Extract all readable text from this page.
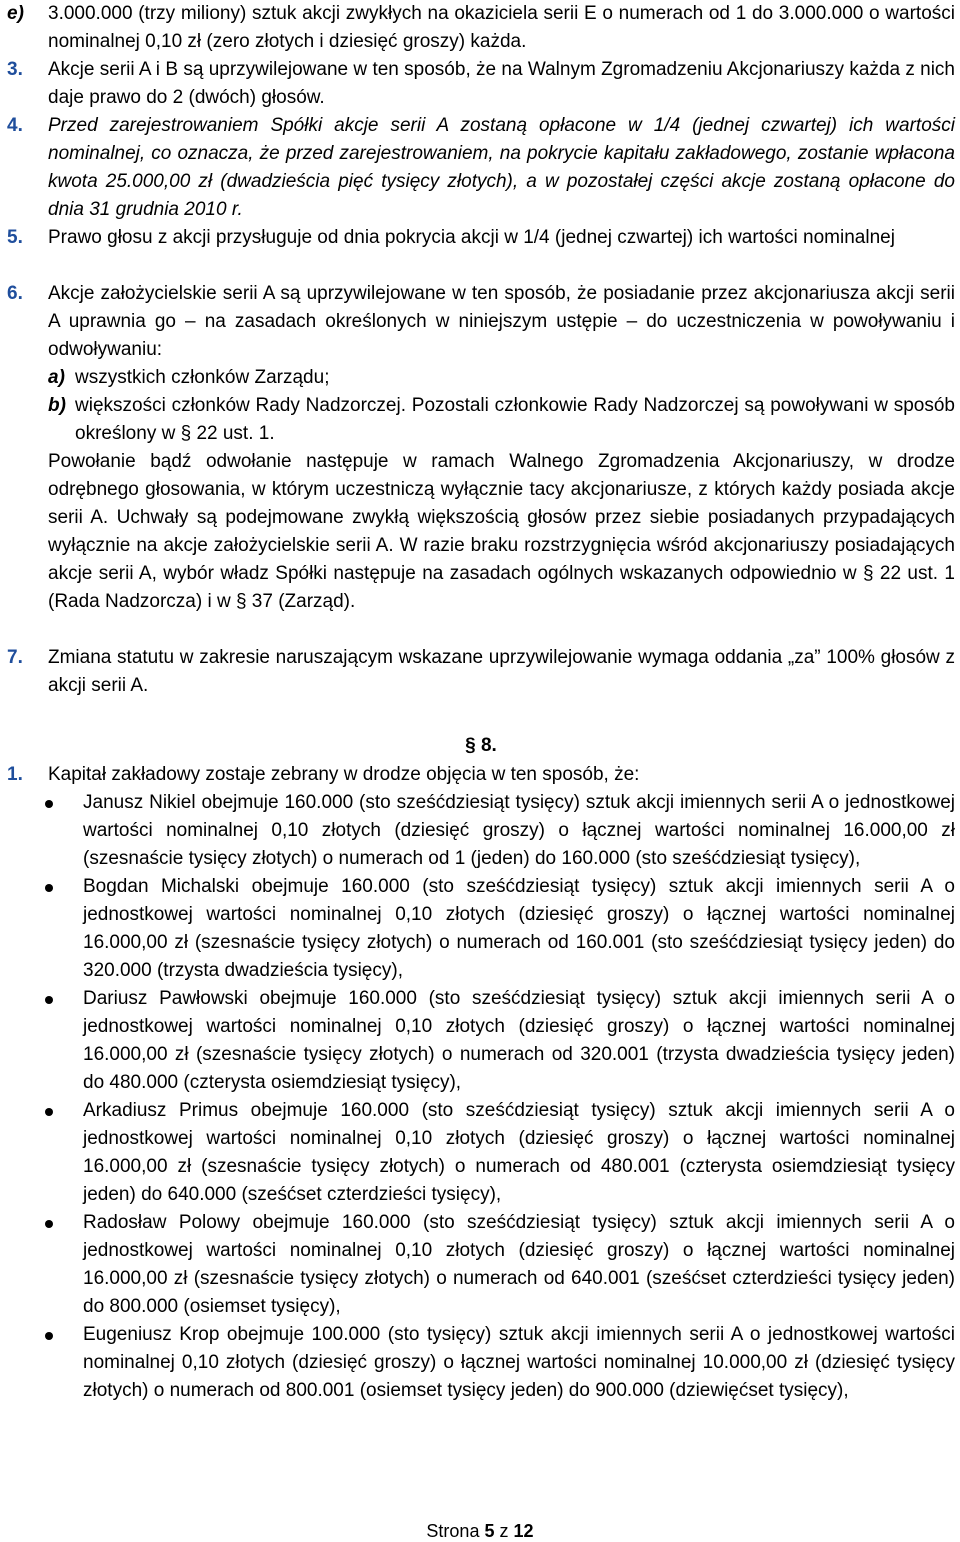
e)	3.000.000 (trzy miliony) sztuk akcji zwykłych na okaziciela serii E o numerach od 1 do 3.000.000 o wartości nominalnej 0,10 zł (zero złotych i dziesięć groszy) każda.
3.	Akcje serii A i B są uprzywilejowane w ten sposób, że na Walnym Zgromadzeniu Akcjonariuszy każda z nich daje prawo do 2 (dwóch) głosów.
4.	Przed zarejestrowaniem Spółki akcje serii A zostaną opłacone w 1/4 (jednej czwartej) ich wartości nominalnej, co oznacza, że przed zarejestrowaniem, na pokrycie kapitału zakładowego, zostanie wpłacona kwota 25.000,00 zł (dwadzieścia pięć tysięcy złotych), a w pozostałej części akcje zostaną opłacone do dnia 31 grudnia 2010 r.
5.	Prawo głosu z akcji przysługuje od dnia pokrycia akcji w 1/4 (jednej czwartej) ich wartości nominalnej
6.	Akcje założycielskie serii A są uprzywilejowane w ten sposób, że posiadanie przez akcjonariusza akcji serii A uprawnia go – na zasadach określonych w niniejszym ustępie – do uczestniczenia w powoływaniu i odwoływaniu:
a) wszystkich członków Zarządu;
b) większości członków Rady Nadzorczej. Pozostali członkowie Rady Nadzorczej są powoływani w sposób określony w § 22 ust. 1.
Powołanie bądź odwołanie następuje w ramach Walnego Zgromadzenia Akcjonariuszy, w drodze odrębnego głosowania, w którym uczestniczą wyłącznie tacy akcjonariusze, z których każdy posiada akcje serii A. Uchwały są podejmowane zwykłą większością głosów przez siebie posiadanych przypadających wyłącznie na akcje założycielskie serii A. W razie braku rozstrzygnięcia wśród akcjonariuszy posiadających akcje serii A, wybór władz Spółki następuje na zasadach ogólnych wskazanych odpowiednio w § 22 ust. 1 (Rada Nadzorcza) i w § 37 (Zarząd).
7.	Zmiana statutu w zakresie naruszającym wskazane uprzywilejowanie wymaga oddania „za” 100% głosów z akcji serii A.
§ 8.
1.	Kapitał zakładowy zostaje zebrany w drodze objęcia w ten sposób, że:
Janusz Nikiel obejmuje 160.000 (sto sześćdziesiąt tysięcy) sztuk akcji imiennych serii A o jednostkowej wartości nominalnej 0,10 złotych (dziesięć groszy) o łącznej wartości nominalnej 16.000,00 zł (szesnaście tysięcy złotych) o numerach od 1 (jeden) do 160.000 (sto sześćdziesiąt tysięcy),
Bogdan Michalski obejmuje 160.000 (sto sześćdziesiąt tysięcy) sztuk akcji imiennych serii A o jednostkowej wartości nominalnej 0,10 złotych (dziesięć groszy) o łącznej wartości nominalnej 16.000,00 zł (szesnaście tysięcy złotych) o numerach od 160.001 (sto sześćdziesiąt tysięcy jeden) do 320.000 (trzysta dwadzieścia tysięcy),
Dariusz Pawłowski obejmuje 160.000 (sto sześćdziesiąt tysięcy) sztuk akcji imiennych serii A o jednostkowej wartości nominalnej 0,10 złotych (dziesięć groszy) o łącznej wartości nominalnej 16.000,00 zł (szesnaście tysięcy złotych) o numerach od 320.001 (trzysta dwadzieścia tysięcy jeden) do 480.000 (czterysta osiemdziesiąt tysięcy),
Arkadiusz Primus obejmuje 160.000 (sto sześćdziesiąt tysięcy) sztuk akcji imiennych serii A o jednostkowej wartości nominalnej 0,10 złotych (dziesięć groszy) o łącznej wartości nominalnej 16.000,00 zł (szesnaście tysięcy złotych) o numerach od 480.001 (czterysta osiemdziesiąt tysięcy jeden) do 640.000 (sześćset czterdzieści tysięcy),
Radosław Polowy obejmuje 160.000 (sto sześćdziesiąt tysięcy) sztuk akcji imiennych serii A o jednostkowej wartości nominalnej 0,10 złotych (dziesięć groszy) o łącznej wartości nominalnej 16.000,00 zł (szesnaście tysięcy złotych) o numerach od 640.001 (sześćset czterdzieści tysięcy jeden) do 800.000 (osiemset tysięcy),
Eugeniusz Krop obejmuje 100.000 (sto tysięcy) sztuk akcji imiennych serii A o jednostkowej wartości nominalnej 0,10 złotych (dziesięć groszy) o łącznej wartości nominalnej 10.000,00 zł (dziesięć tysięcy złotych) o numerach od 800.001 (osiemset tysięcy jeden) do 900.000 (dziewięćset tysięcy),
Strona 5 z 12
